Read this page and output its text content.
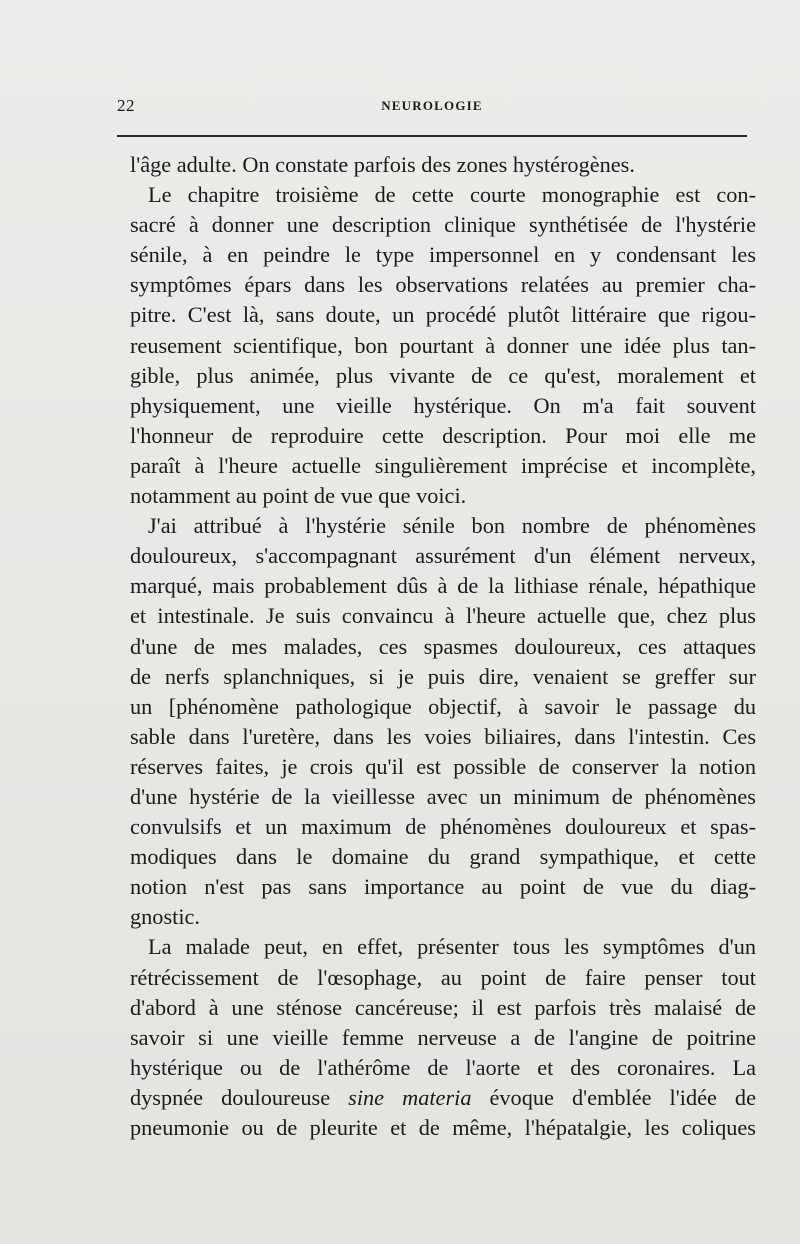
22	NEUROLOGIE
l'âge adulte. On constate parfois des zones hystérogènes.
Le chapitre troisième de cette courte monographie est con-
sacré à donner une description clinique synthétisée de l'hystérie
sénile, à en peindre le type impersonnel en y condensant les
symptômes épars dans les observations relatées au premier cha-
pitre. C'est là, sans doute, un procédé plutôt littéraire que rigou-
reusement scientifique, bon pourtant à donner une idée plus tan-
gible, plus animée, plus vivante de ce qu'est, moralement et
physiquement, une vieille hystérique. On m'a fait souvent
l'honneur de reproduire cette description. Pour moi elle me
paraît à l'heure actuelle singulièrement imprécise et incomplète,
notamment au point de vue que voici.
J'ai attribué à l'hystérie sénile bon nombre de phénomènes
douloureux, s'accompagnant assurément d'un élément nerveux,
marqué, mais probablement dûs à de la lithiase rénale, hépathique
et intestinale. Je suis convaincu à l'heure actuelle que, chez plus
d'une de mes malades, ces spasmes douloureux, ces attaques
de nerfs splanchniques, si je puis dire, venaient se greffer sur
un [phénomène pathologique objectif, à savoir le passage du
sable dans l'uretère, dans les voies biliaires, dans l'intestin. Ces
réserves faites, je crois qu'il est possible de conserver la notion
d'une hystérie de la vieillesse avec un minimum de phénomènes
convulsifs et un maximum de phénomènes douloureux et spas-
modiques dans le domaine du grand sympathique, et cette
notion n'est pas sans importance au point de vue du diag-
gnostic.
La malade peut, en effet, présenter tous les symptômes d'un
rétrécissement de l'œsophage, au point de faire penser tout
d'abord à une sténose cancéreuse; il est parfois très malaisé de
savoir si une vieille femme nerveuse a de l'angine de poitrine
hystérique ou de l'athérôme de l'aorte et des coronaires. La
dyspnée douloureuse sine materia évoque d'emblée l'idée de
pneumonie ou de pleurite et de même, l'hépatalgie, les coliques
